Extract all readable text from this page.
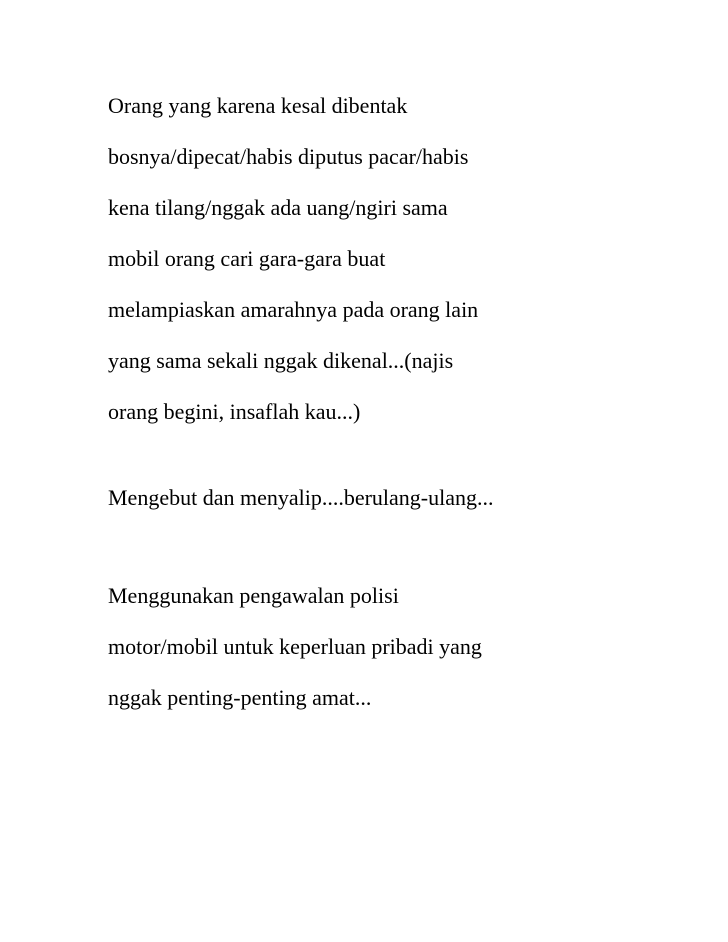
Orang yang karena kesal dibentak
bosnya/dipecat/habis diputus pacar/habis
kena tilang/nggak ada uang/ngiri sama
mobil orang cari gara-gara buat
melampiaskan amarahnya pada orang lain
yang sama sekali nggak dikenal...(najis
orang begini, insaflah kau...)

Mengebut dan menyalip....berulang-ulang...

Menggunakan pengawalan polisi
motor/mobil untuk keperluan pribadi yang
nggak penting-penting amat...
